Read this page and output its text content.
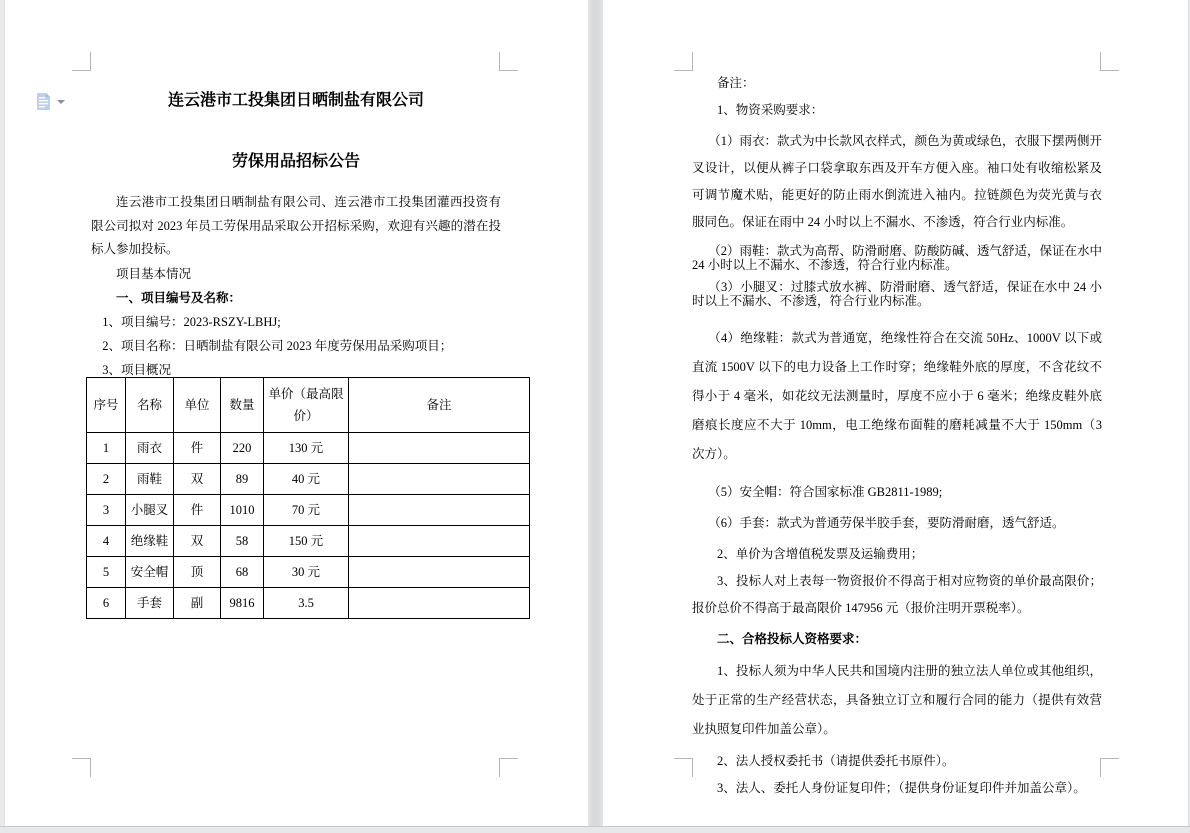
连云港市工投集团日晒制盐有限公司
劳保用品招标公告

连云港市工投集团日晒制盐有限公司、连云港市工投集团灌西投资有限公司拟对 2023 年员工劳保用品采取公开招标采购，欢迎有兴趣的潜在投标人参加投标。

项目基本情况

一、项目编号及名称：

1、项目编号：2023-RSZY-LBHJ;

2、项目名称：日晒制盐有限公司 2023 年度劳保用品采购项目；

3、项目概况

序号	名称	单位	数量	单价（最高限价）	备注
1	雨衣	件	220	130 元	
2	雨鞋	双	89	40 元	
3	小腿叉	件	1010	70 元	
4	绝缘鞋	双	58	150 元	
5	安全帽	顶	68	30 元	
6	手套	副	9816	3.5	

备注：

1、物资采购要求：

（1）雨衣：款式为中长款风衣样式，颜色为黄或绿色，衣服下摆两侧开叉设计，以便从裤子口袋拿取东西及开车方便入座。袖口处有收缩松紧及可调节魔术贴，能更好的防止雨水倒流进入袖内。拉链颜色为荧光黄与衣服同色。保证在雨中 24 小时以上不漏水、不渗透，符合行业内标准。

（2）雨鞋：款式为高帮、防滑耐磨、防酸防碱、透气舒适，保证在水中 24 小时以上不漏水、不渗透，符合行业内标准。

（3）小腿叉：过膝式放水裤、防滑耐磨、透气舒适，保证在水中 24 小时以上不漏水、不渗透，符合行业内标准。

（4）绝缘鞋：款式为普通宽，绝缘性符合在交流 50Hz、1000V 以下或直流 1500V 以下的电力设备上工作时穿；绝缘鞋外底的厚度，不含花纹不得小于 4 毫米，如花纹无法测量时，厚度不应小于 6 毫米；绝缘皮鞋外底磨痕长度应不大于 10mm，电工绝缘布面鞋的磨耗减量不大于 150mm（3 次方）。

（5）安全帽：符合国家标准 GB2811-1989;

（6）手套：款式为普通劳保半胶手套，要防滑耐磨，透气舒适。

2、单价为含增值税发票及运输费用；

3、投标人对上表每一物资报价不得高于相对应物资的单价最高限价；报价总价不得高于最高限价 147956 元（报价注明开票税率）。

二、合格投标人资格要求：

1、投标人须为中华人民共和国境内注册的独立法人单位或其他组织，处于正常的生产经营状态，具备独立订立和履行合同的能力（提供有效营业执照复印件加盖公章）。

2、法人授权委托书（请提供委托书原件）。

3、法人、委托人身份证复印件；（提供身份证复印件并加盖公章）。
